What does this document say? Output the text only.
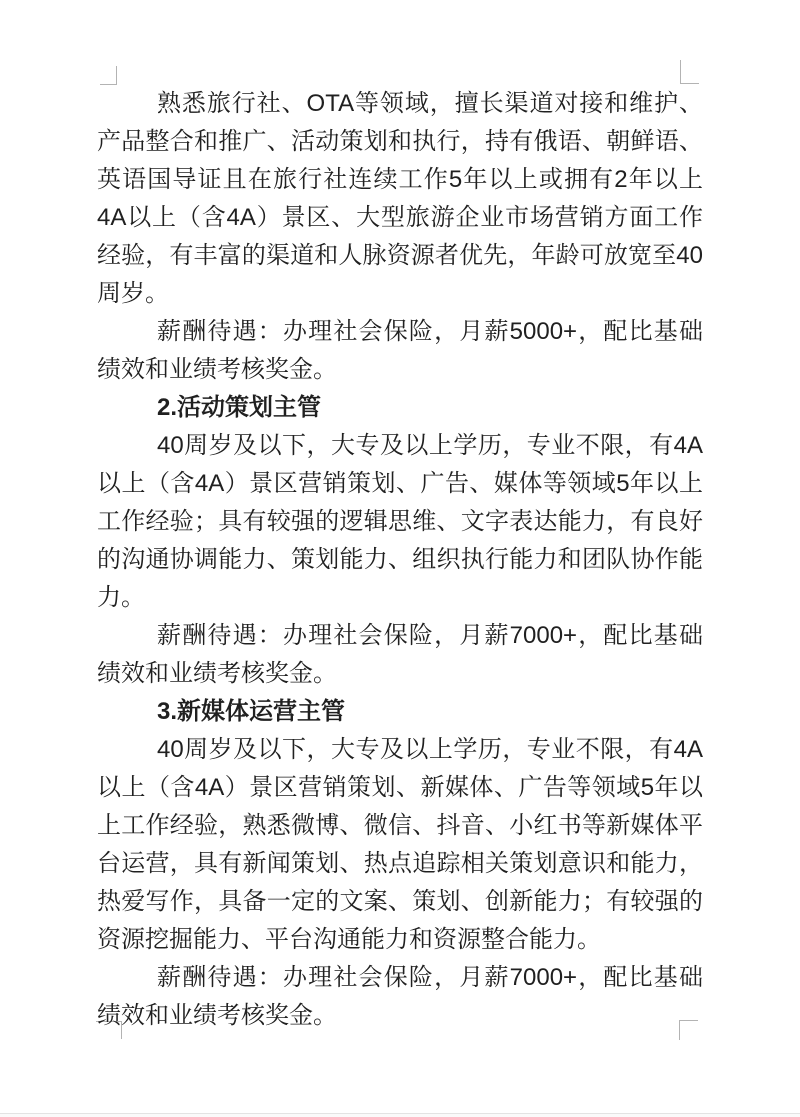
熟悉旅行社、OTA等领域，擅长渠道对接和维护、产品整合和推广、活动策划和执行，持有俄语、朝鲜语、英语国导证且在旅行社连续工作5年以上或拥有2年以上4A以上（含4A）景区、大型旅游企业市场营销方面工作经验，有丰富的渠道和人脉资源者优先，年龄可放宽至40周岁。
薪酬待遇：办理社会保险，月薪5000+，配比基础绩效和业绩考核奖金。
2.活动策划主管
40周岁及以下，大专及以上学历，专业不限，有4A以上（含4A）景区营销策划、广告、媒体等领域5年以上工作经验；具有较强的逻辑思维、文字表达能力，有良好的沟通协调能力、策划能力、组织执行能力和团队协作能力。
薪酬待遇：办理社会保险，月薪7000+，配比基础绩效和业绩考核奖金。
3.新媒体运营主管
40周岁及以下，大专及以上学历，专业不限，有4A以上（含4A）景区营销策划、新媒体、广告等领域5年以上工作经验，熟悉微博、微信、抖音、小红书等新媒体平台运营，具有新闻策划、热点追踪相关策划意识和能力，热爱写作，具备一定的文案、策划、创新能力；有较强的资源挖掘能力、平台沟通能力和资源整合能力。
薪酬待遇：办理社会保险，月薪7000+，配比基础绩效和业绩考核奖金。
